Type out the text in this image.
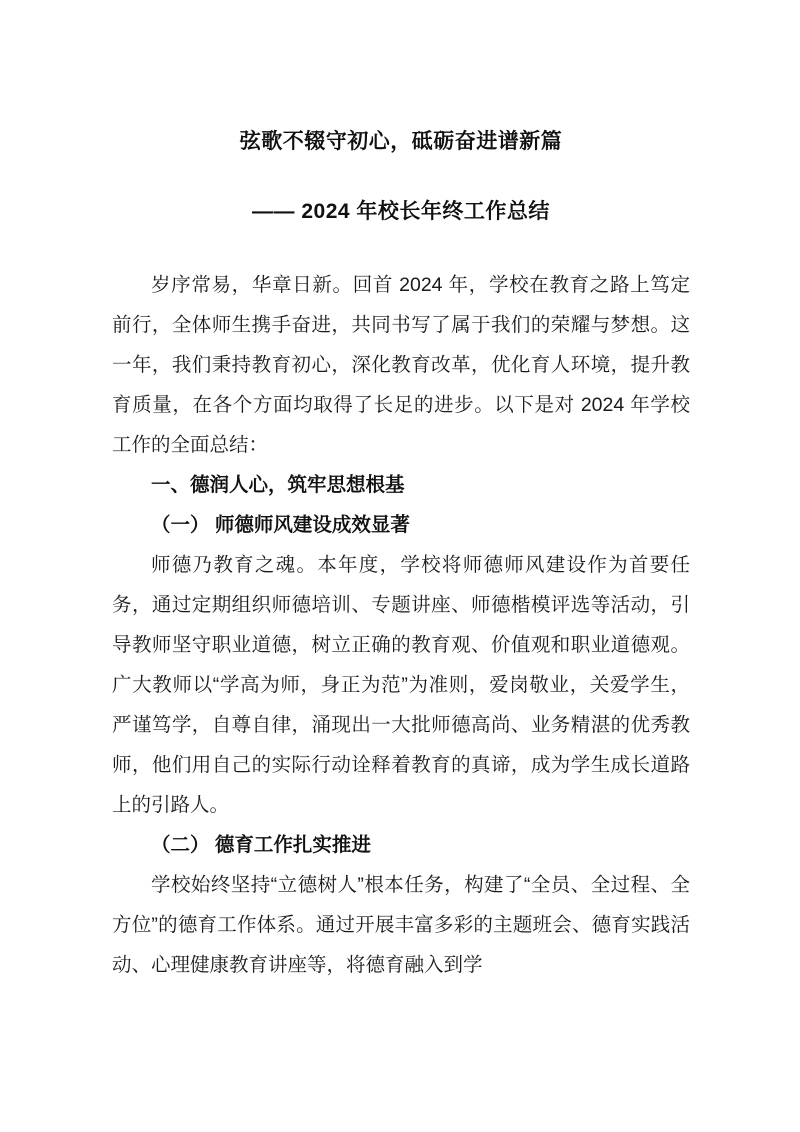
弦歌不辍守初心，砥砺奋进谱新篇
—— 2024 年校长年终工作总结

岁序常易，华章日新。回首 2024 年，学校在教育之路上笃定前行，全体师生携手奋进，共同书写了属于我们的荣耀与梦想。这一年，我们秉持教育初心，深化教育改革，优化育人环境，提升教育质量，在各个方面均取得了长足的进步。以下是对 2024 年学校工作的全面总结：

一、德润人心，筑牢思想根基
（一） 师德师风建设成效显著

师德乃教育之魂。本年度，学校将师德师风建设作为首要任务，通过定期组织师德培训、专题讲座、师德楷模评选等活动，引导教师坚守职业道德，树立正确的教育观、价值观和职业道德观。广大教师以“学高为师，身正为范”为准则，爱岗敬业，关爱学生，严谨笃学，自尊自律，涌现出一大批师德高尚、业务精湛的优秀教师，他们用自己的实际行动诠释着教育的真谛，成为学生成长道路上的引路人。

（二） 德育工作扎实推进

学校始终坚持“立德树人”根本任务，构建了“全员、全过程、全方位”的德育工作体系。通过开展丰富多彩的主题班会、德育实践活动、心理健康教育讲座等，将德育融入到学
